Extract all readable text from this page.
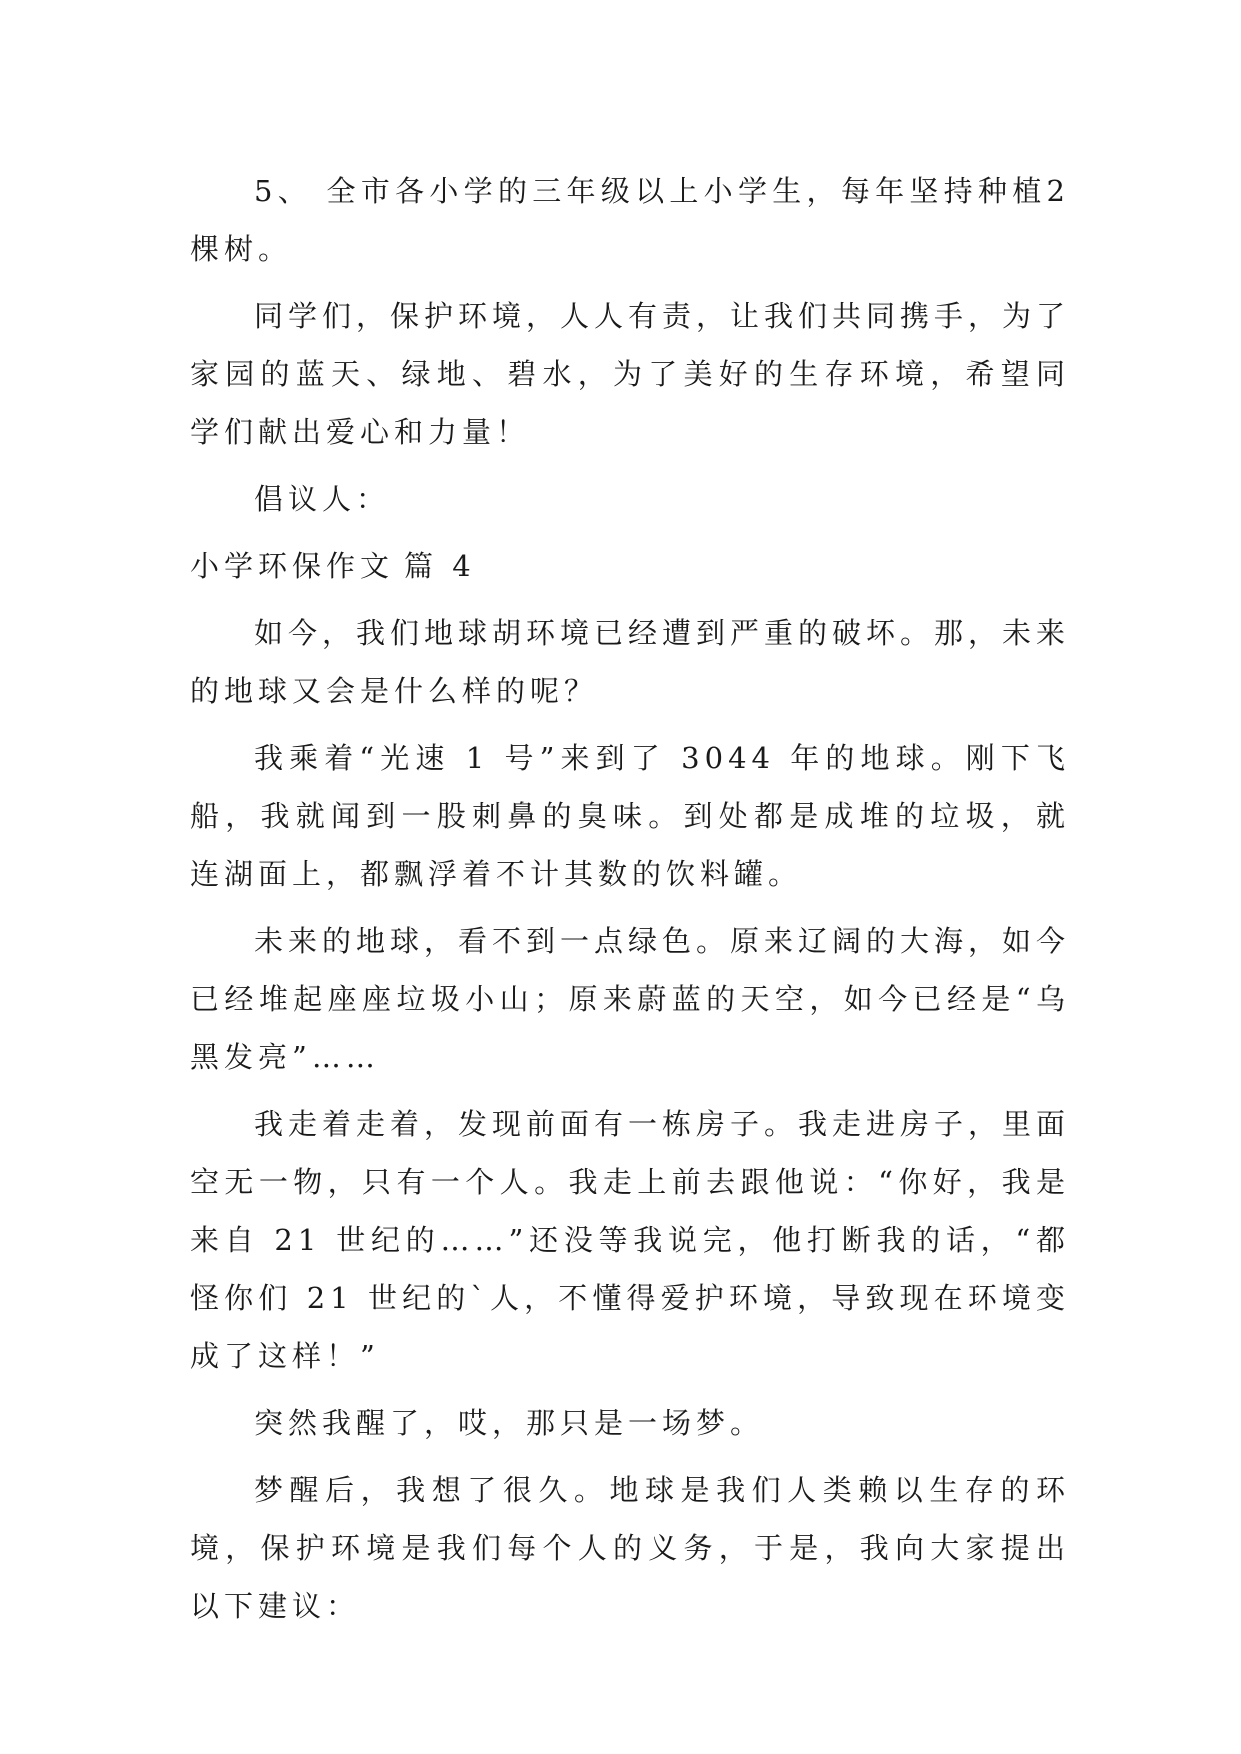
5、 全市各小学的三年级以上小学生，每年坚持种植2棵树。

同学们，保护环境，人人有责，让我们共同携手，为了家园的蓝天、绿地、碧水，为了美好的生存环境，希望同学们献出爱心和力量！

倡议人：

小学环保作文 篇 4

如今，我们地球胡环境已经遭到严重的破坏。那，未来的地球又会是什么样的呢？

我乘着“光速 1 号”来到了 3044 年的地球。刚下飞船，我就闻到一股刺鼻的臭味。到处都是成堆的垃圾，就连湖面上，都飘浮着不计其数的饮料罐。

未来的地球，看不到一点绿色。原来辽阔的大海，如今已经堆起座座垃圾小山；原来蔚蓝的天空，如今已经是“乌黑发亮”……

我走着走着，发现前面有一栋房子。我走进房子，里面空无一物，只有一个人。我走上前去跟他说：“你好，我是来自 21 世纪的……”还没等我说完，他打断我的话，“都怪你们 21 世纪的`人，不懂得爱护环境，导致现在环境变成了这样！”

突然我醒了，哎，那只是一场梦。

梦醒后，我想了很久。地球是我们人类赖以生存的环境，保护环境是我们每个人的义务，于是，我向大家提出以下建议：
